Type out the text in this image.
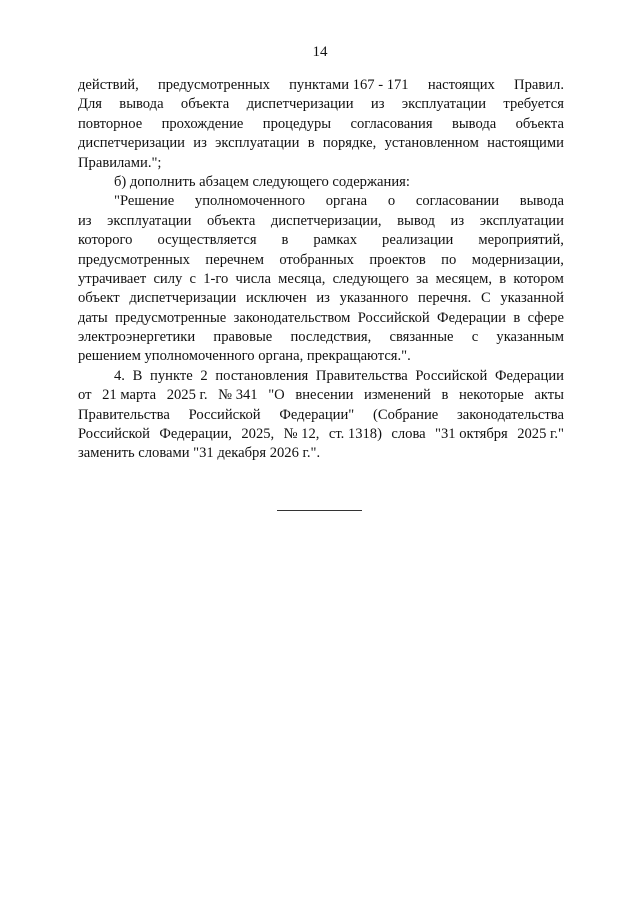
14
действий, предусмотренных пунктами 167 - 171 настоящих Правил.
Для вывода объекта диспетчеризации из эксплуатации требуется
повторное прохождение процедуры согласования вывода объекта
диспетчеризации из эксплуатации в порядке, установленном настоящими
Правилами.";
б) дополнить абзацем следующего содержания:
"Решение уполномоченного органа о согласовании вывода
из эксплуатации объекта диспетчеризации, вывод из эксплуатации
которого осуществляется в рамках реализации мероприятий,
предусмотренных перечнем отобранных проектов по модернизации,
утрачивает силу с 1-го числа месяца, следующего за месяцем, в котором
объект диспетчеризации исключен из указанного перечня. С указанной
даты предусмотренные законодательством Российской Федерации в сфере
электроэнергетики правовые последствия, связанные с указанным
решением уполномоченного органа, прекращаются.".
4. В пункте 2 постановления Правительства Российской Федерации
от 21 марта 2025 г. № 341 "О внесении изменений в некоторые акты
Правительства Российской Федерации" (Собрание законодательства
Российской Федерации, 2025, № 12, ст. 1318) слова "31 октября 2025 г."
заменить словами "31 декабря 2026 г.".
